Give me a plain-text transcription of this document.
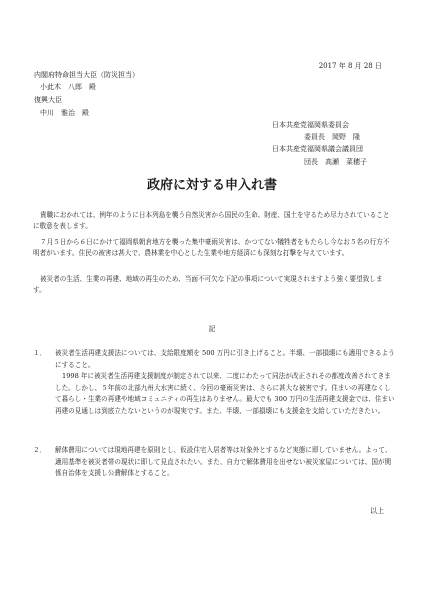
2017 年 8 月 28 日
内閣府特命担当大臣（防災担当）
小此木　八郎　殿
復興大臣
中川　雅治　殿
日本共産党福岡県委員会
委員長　岡野　隆
日本共産党福岡県議会議員団
団長　高瀬　菜穂子
政府に対する申入れ書
貴職におかれては、例年のように日本列島を襲う自然災害から国民の生命、財産、国土を守るため尽力されていることに敬意を表します。
７月５日から６日にかけて福岡県朝倉地方を襲った集中豪雨災害は、かつてない犠牲者をもたらし今なお５名の行方不明者がいます。住民の被害は甚大で、農林業を中心とした生業や地方経済にも深刻な打撃を与えています。
被災者の生活、生業の再建、地域の再生のため、当面不可欠な下記の事項について実現されますよう強く要望致します。
記
１． 被災者生活再建支援法については、支給限度額を 500 万円に引き上げること。半壊、一部損壊にも適用できるようにすること。
1998 年に被災者生活再建支援制度が制定されて以来、二度にわたって同法が改正されその都度改善されてきました。しかし、５年前の北部九州大水害に続く、今回の豪雨災害は、さらに甚大な被害です。住まいの再建なくして暮らし・生業の再建や地域コミュニティの再生はありません。最大でも 300 万円の生活再建支援金では、住まい再建の見通しは到底立たないというのが現実です。また、半壊、一部損壊にも支援金を支給していただきたい。
２． 解体費用については現地再建を原則とし、仮設住宅入居者等は対象外とするなど実態に即していません。よって、適用基準を被災者帯の現状に即して見直されたい。また、自力で解体費用を出せない被災家屋については、国が関係自治体を支援し公費解体とすること。
以上
